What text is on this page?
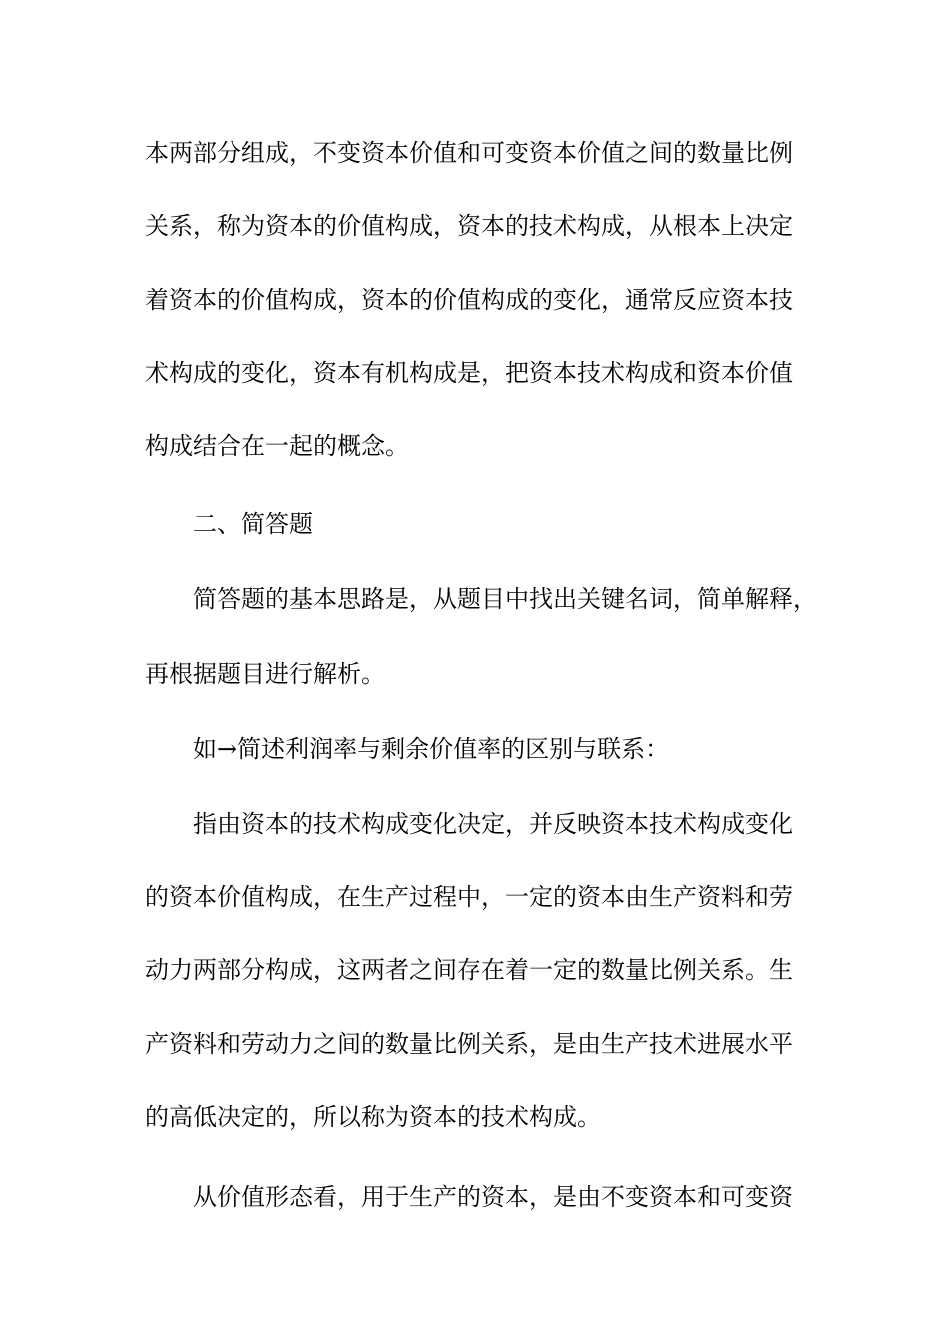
本两部分组成，不变资本价值和可变资本价值之间的数量比例
关系，称为资本的价值构成，资本的技术构成，从根本上决定
着资本的价值构成，资本的价值构成的变化，通常反应资本技
术构成的变化，资本有机构成是，把资本技术构成和资本价值
构成结合在一起的概念。
二、简答题
简答题的基本思路是，从题目中找出关键名词，简单解释，
再根据题目进行解析。
如→简述利润率与剩余价值率的区别与联系：
指由资本的技术构成变化决定，并反映资本技术构成变化
的资本价值构成，在生产过程中，一定的资本由生产资料和劳
动力两部分构成，这两者之间存在着一定的数量比例关系。生
产资料和劳动力之间的数量比例关系，是由生产技术进展水平
的高低决定的，所以称为资本的技术构成。
从价值形态看，用于生产的资本，是由不变资本和可变资
